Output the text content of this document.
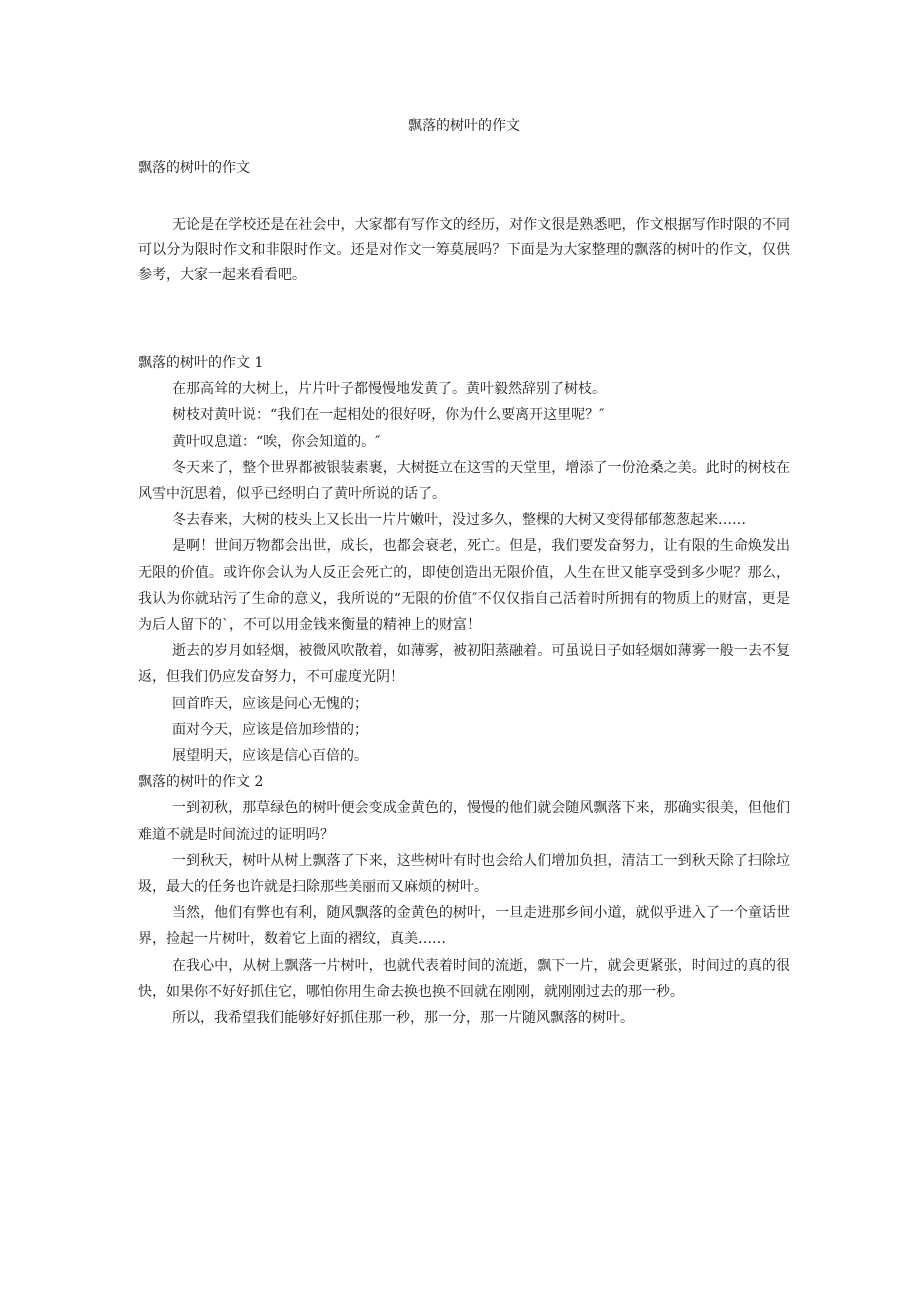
飘落的树叶的作文

飘落的树叶的作文

无论是在学校还是在社会中，大家都有写作文的经历，对作文很是熟悉吧，作文根据写作时限的不同可以分为限时作文和非限时作文。还是对作文一筹莫展吗？下面是为大家整理的飘落的树叶的作文，仅供参考，大家一起来看看吧。

飘落的树叶的作文 1

在那高耸的大树上，片片叶子都慢慢地发黄了。黄叶毅然辞别了树枝。

树枝对黄叶说：“我们在一起相处的很好呀，你为什么要离开这里呢？″

黄叶叹息道：“唉，你会知道的。″

冬天来了，整个世界都被银装素裹，大树挺立在这雪的天堂里，增添了一份沧桑之美。此时的树枝在风雪中沉思着，似乎已经明白了黄叶所说的话了。

冬去春来，大树的枝头上又长出一片片嫩叶，没过多久，整棵的大树又变得郁郁葱葱起来……

是啊！世间万物都会出世，成长，也都会衰老，死亡。但是，我们要发奋努力，让有限的生命焕发出无限的价值。或许你会认为人反正会死亡的，即使创造出无限价值，人生在世又能享受到多少呢？那么，我认为你就玷污了生命的意义，我所说的“无限的价值″不仅仅指自己活着时所拥有的物质上的财富，更是为后人留下的`，不可以用金钱来衡量的精神上的财富！

逝去的岁月如轻烟，被微风吹散着，如薄雾，被初阳蒸融着。可虽说日子如轻烟如薄雾一般一去不复返，但我们仍应发奋努力，不可虚度光阴！

回首昨天，应该是问心无愧的；

面对今天，应该是倍加珍惜的；

展望明天，应该是信心百倍的。

飘落的树叶的作文 2

一到初秋，那草绿色的树叶便会变成金黄色的，慢慢的他们就会随风飘落下来，那确实很美，但他们难道不就是时间流过的证明吗？

一到秋天，树叶从树上飘落了下来，这些树叶有时也会给人们增加负担，清洁工一到秋天除了扫除垃圾，最大的任务也许就是扫除那些美丽而又麻烦的树叶。

当然，他们有弊也有利，随风飘落的金黄色的树叶，一旦走进那乡间小道，就似乎进入了一个童话世界，捡起一片树叶，数着它上面的褶纹，真美……

在我心中，从树上飘落一片树叶，也就代表着时间的流逝，飘下一片，就会更紧张，时间过的真的很快，如果你不好好抓住它，哪怕你用生命去换也换不回就在刚刚，就刚刚过去的那一秒。

所以，我希望我们能够好好抓住那一秒，那一分，那一片随风飘落的树叶。
